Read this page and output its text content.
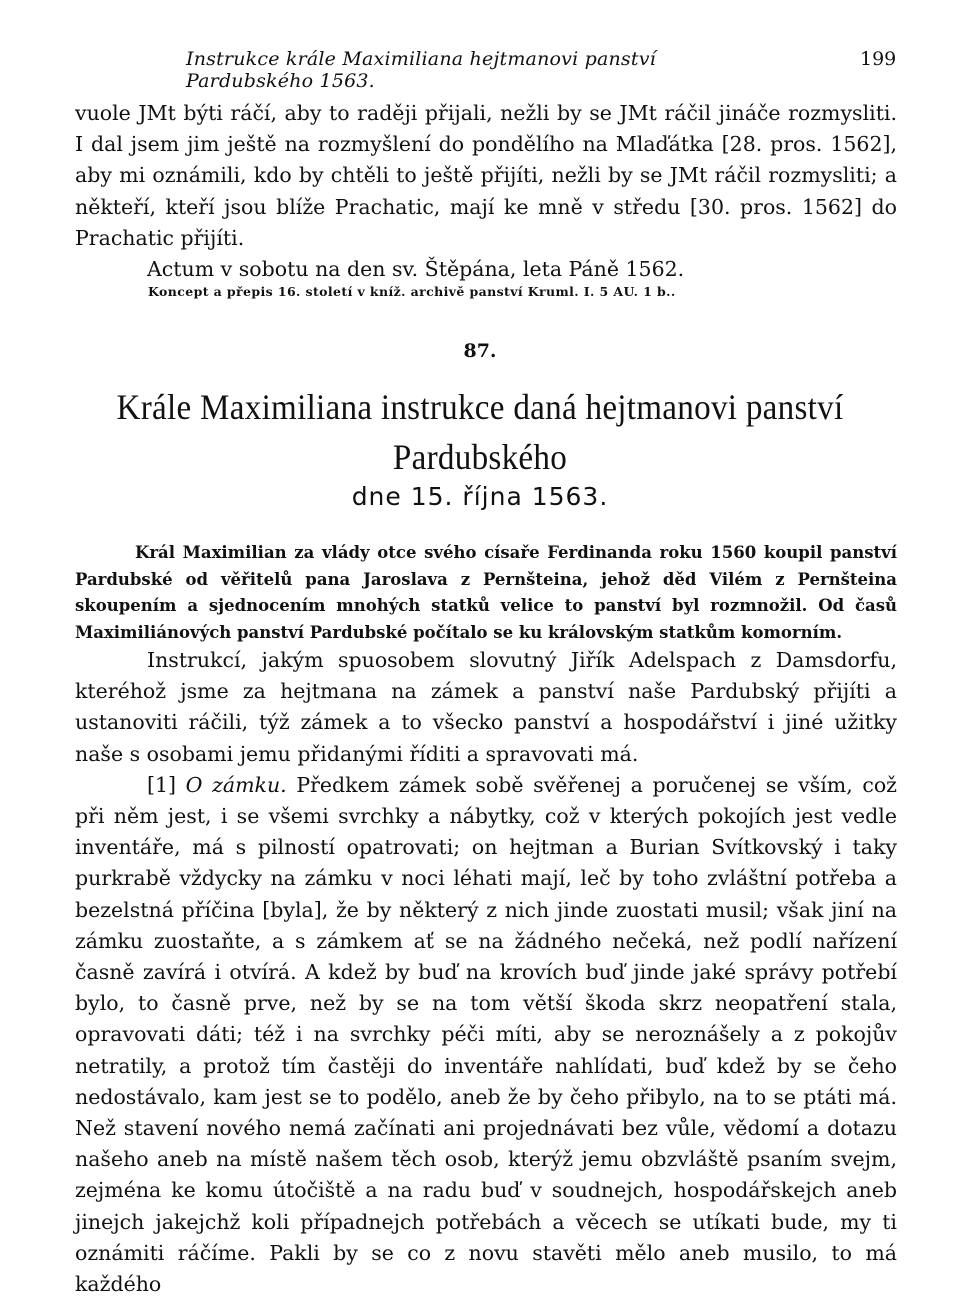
Instrukce krále Maximiliana hejtmanovi panství Pardubského 1563.
199

vuole JMt býti ráčí, aby to raději přijali, nežli by se JMt ráčil jináče rozmysliti. I dal jsem jim ještě na rozmyšlení do pondělího na Mlaďátka [28. pros. 1562], aby mi oznámili, kdo by chtěli to ještě přijíti, nežli by se JMt ráčil rozmysliti; a někteří, kteří jsou blíže Prachatic, mají ke mně v středu [30. pros. 1562] do Prachatic přijíti.

Actum v sobotu na den sv. Štěpána, leta Páně 1562.

Koncept a přepis 16. století v kníž. archivě panství Kruml. I. 5 AU. 1 b..
87.
Krále Maximiliana instrukce daná hejtmanovi panství
Pardubského
dne 15. října 1563.

Král Maximilian za vlády otce svého císaře Ferdinanda roku 1560 koupil panství Pardubské od věřitelů pana Jaroslava z Pernšteina, jehož děd Vilém z Pernšteina skoupením a sjednocením mnohých statků velice to panství byl rozmnožil. Od časů Maximiliánových panství Pardubské počítalo se ku královským statkům komorním.

Instrukcí, jakým spuosobem slovutný Jiřík Adelspach z Damsdorfu, kteréhož jsme za hejtmana na zámek a panství naše Pardubský přijíti a ustanoviti ráčili, týž zámek a to všecko panství a hospodářství i jiné užitky naše s osobami jemu přidanými říditi a spravovati má.

[1] O zámku. Předkem zámek sobě svěřenej a poručenej se vším, což při něm jest, i se všemi svrchky a nábytky, což v kterých pokojích jest vedle inventáře, má s pilností opatrovati; on hejtman a Burian Svítkovský i taky purkrabě vždycky na zámku v noci léhati mají, leč by toho zvláštní potřeba a bezelstná příčina [byla], že by některý z nich jinde zuostati musil; však jiní na zámku zuostaňte, a s zámkem ať se na žádného nečeká, než podlí nařízení časně zavírá i otvírá. A kdež by buď na krovích buď jinde jaké správy potřebí bylo, to časně prve, než by se na tom větší škoda skrz neopatření stala, opravovati dáti; též i na svrchky péči míti, aby se neroznášely a z pokojův netratily, a protož tím častěji do inventáře nahlídati, buď kdež by se čeho nedostávalo, kam jest se to podělo, aneb že by čeho přibylo, na to se ptáti má. Než stavení nového nemá začínati ani projednávati bez vůle, vědomí a dotazu našeho aneb na místě našem těch osob, kterýž jemu obzvláště psaním svejm, zejména ke komu útočiště a na radu buď v soudnejch, hospodářskejch aneb jinejch jakejchž koli případnejch potřebách a věcech se utíkati bude, my ti oznámiti ráčíme. Pakli by se co z novu stavěti mělo aneb musilo, to má každého
